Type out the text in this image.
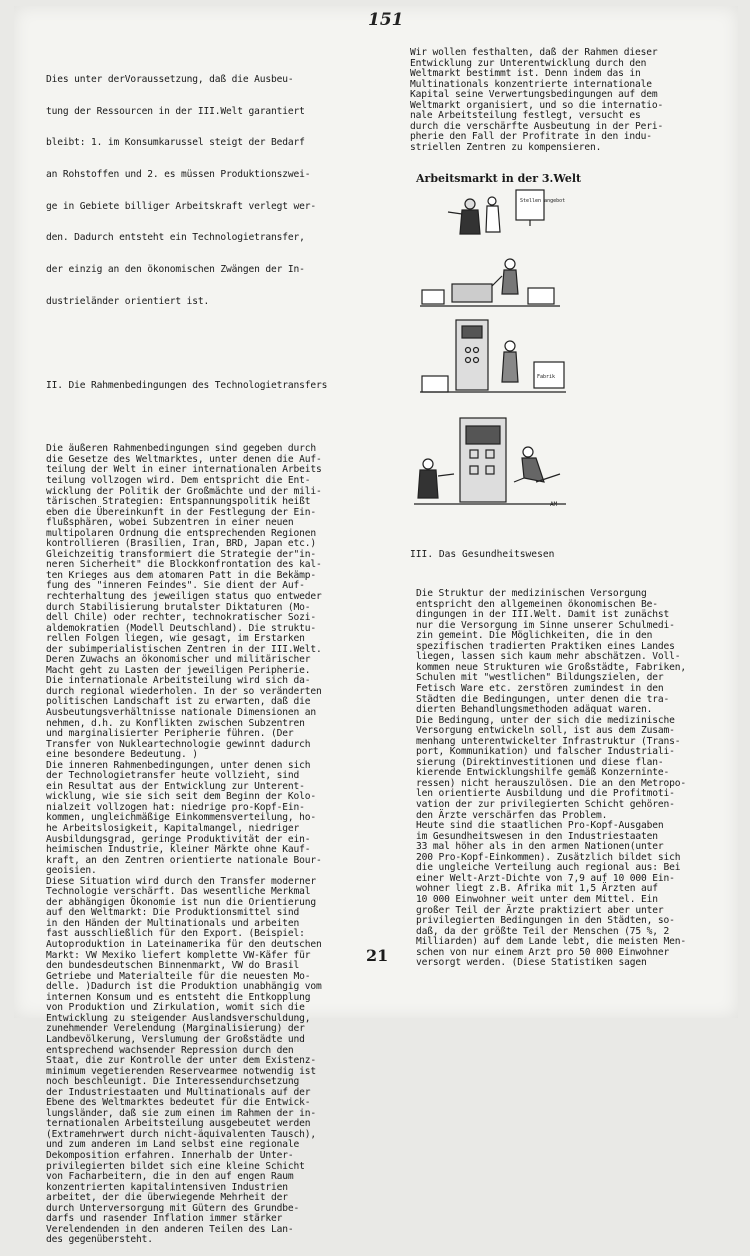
151

Dies unter derVoraussetzung, daß die Ausbeu-

tung der Ressourcen in der III.Welt garantiert

bleibt: 1. im Konsumkarussel steigt der Bedarf

an Rohstoffen und 2. es müssen Produktionszwei-

ge in Gebiete billiger Arbeitskraft verlegt wer-

den. Dadurch entsteht ein Technologietransfer,

der einzig an den ökonomischen Zwängen der In-

dustrieländer orientiert ist.

II. Die Rahmenbedingungen des Technologietransfers

Die äußeren Rahmenbedingungen sind gegeben durch

die Gesetze des Weltmarktes, unter denen die Auf-

teilung der Welt in einer internationalen Arbeits

teilung vollzogen wird. Dem entspricht die Ent-

wicklung der Politik der Großmächte und der mili-

tärischen Strategien: Entspannungspolitik heißt

eben die Übereinkunft in der Festlegung der Ein-

flußsphären, wobei Subzentren in einer neuen

multipolaren Ordnung die entsprechenden Regionen

kontrollieren (Brasilien, Iran, BRD, Japan etc.)

Gleichzeitig transformiert die Strategie der"in-

neren Sicherheit" die Blockkonfrontation des kal-

ten Krieges aus dem atomaren Patt in die Bekämp-

fung des "inneren Feindes". Sie dient der Auf-

rechterhaltung des jeweiligen status quo entweder

durch Stabilisierung brutalster Diktaturen (Mo-

dell Chile) oder rechter, technokratischer Sozi-

aldemokratien (Modell Deutschland). Die struktu-

rellen Folgen liegen, wie gesagt, im Erstarken

der subimperialistischen Zentren in der III.Welt.

Deren Zuwachs an ökonomischer und militärischer

Macht geht zu Lasten der jeweiligen Peripherie.

Die internationale Arbeitsteilung wird sich da-

durch regional wiederholen. In der so veränderten

politischen Landschaft ist zu erwarten, daß die

Ausbeutungsverhältnisse nationale Dimensionen an

nehmen, d.h. zu Konflikten zwischen Subzentren

und marginalisierter Peripherie führen. (Der

Transfer von Nukleartechnologie gewinnt dadurch

eine besondere Bedeutung. )

Die inneren Rahmenbedingungen, unter denen sich

der Technologietransfer heute vollzieht, sind

ein Resultat aus der Entwicklung zur Unterent-

wicklung, wie sie sich seit dem Beginn der Kolo-

nialzeit vollzogen hat: niedrige pro-Kopf-Ein-

kommen, ungleichmäßige Einkommensverteilung, ho-

he Arbeitslosigkeit, Kapitalmangel, niedriger

Ausbildungsgrad, geringe Produktivität der ein-

heimischen Industrie, kleiner Märkte ohne Kauf-

kraft, an den Zentren orientierte nationale Bour-

geoisien.

Diese Situation wird durch den Transfer moderner

Technologie verschärft. Das wesentliche Merkmal

der abhängigen Ökonomie ist nun die Orientierung

auf den Weltmarkt: Die Produktionsmittel sind

in den Händen der Multinationals und arbeiten

fast ausschließlich für den Export. (Beispiel:

Autoproduktion in Lateinamerika für den deutschen

Markt: VW Mexiko liefert komplette VW-Käfer für

den bundesdeutschen Binnenmarkt, VW do Brasil

Getriebe und Materialteile für die neuesten Mo-

delle. )Dadurch ist die Produktion unabhängig vom

internen Konsum und es entsteht die Entkopplung

von Produktion und Zirkulation, womit sich die

Entwicklung zu steigender Auslandsverschuldung,

zunehmender Verelendung (Marginalisierung) der

Landbevölkerung, Verslumung der Großstädte und

entsprechend wachsender Repression durch den

Staat, die zur Kontrolle der unter dem Existenz-

minimum vegetierenden Reservearmee notwendig ist

noch beschleunigt. Die Interessendurchsetzung

der Industriestaaten und Multinationals auf der

Ebene des Weltmarktes bedeutet für die Entwick-

lungsländer, daß sie zum einen im Rahmen der in-

ternationalen Arbeitsteilung ausgebeutet werden

(Extramehrwert durch nicht-äquivalenten Tausch),

und zum anderen im Land selbst eine regionale

Dekomposition erfahren. Innerhalb der Unter-

privilegierten bildet sich eine kleine Schicht

von Facharbeitern, die in den auf engen Raum

konzentrierten kapitalintensiven Industrien

arbeitet, der die überwiegende Mehrheit der

durch Unterversorgung mit Gütern des Grundbe-

darfs und rasender Inflation immer stärker

Verelendenden in den anderen Teilen des Lan-

des gegenübersteht.

Wir wollen festhalten, daß der Rahmen dieser

Entwicklung zur Unterentwicklung durch den

Weltmarkt bestimmt ist. Denn indem das in

Multinationals konzentrierte internationale

Kapital seine Verwertungsbedingungen auf dem

Weltmarkt organisiert, und so die internatio-

nale Arbeitsteilung festlegt, versucht es

durch die verschärfte Ausbeutung in der Peri-

pherie den Fall der Profitrate in den indu-

striellen Zentren zu kompensieren.

Arbeitsmarkt in der 3.Welt
Stellen angebot
Fabrik
AM
III. Das Gesundheitswesen

Die Struktur der medizinischen Versorgung

entspricht den allgemeinen ökonomischen Be-

dingungen in der III.Welt. Damit ist zunächst

nur die Versorgung im Sinne unserer Schulmedi-

zin gemeint. Die Möglichkeiten, die in den

spezifischen tradierten Praktiken eines Landes

liegen, lassen sich kaum mehr abschätzen. Voll-

kommen neue Strukturen wie Großstädte, Fabriken,

Schulen mit "westlichen" Bildungszielen, der

Fetisch Ware etc. zerstören zumindest in den

Städten die Bedingungen, unter denen die tra-

dierten Behandlungsmethoden adäquat waren.

Die Bedingung, unter der sich die medizinische

Versorgung entwickeln soll, ist aus dem Zusam-

menhang unterentwickelter Infrastruktur (Trans-

port, Kommunikation) und falscher Industriali-

sierung (Direktinvestitionen und diese flan-

kierende Entwicklungshilfe gemäß Konzerninte-

ressen) nicht herauszulösen. Die an den Metropo-

len orientierte Ausbildung und die Profitmoti-

vation der zur privilegierten Schicht gehören-

den Ärzte verschärfen das Problem.

Heute sind die staatlichen Pro-Kopf-Ausgaben

im Gesundheitswesen in den Industriestaaten

33 mal höher als in den armen Nationen(unter

200 Pro-Kopf-Einkommen). Zusätzlich bildet sich

die ungleiche Verteilung auch regional aus: Bei

einer Welt-Arzt-Dichte von 7,9 auf 10 000 Ein-

wohner liegt z.B. Afrika mit 1,5 Ärzten auf

10 000 Einwohner weit unter dem Mittel. Ein

großer Teil der Ärzte praktiziert aber unter

privilegierten Bedingungen in den Städten, so-

daß, da der größte Teil der Menschen (75 %, 2

Milliarden) auf dem Lande lebt, die meisten Men-

schen von nur einem Arzt pro 50 000 Einwohner

versorgt werden. (Diese Statistiken sagen

21
